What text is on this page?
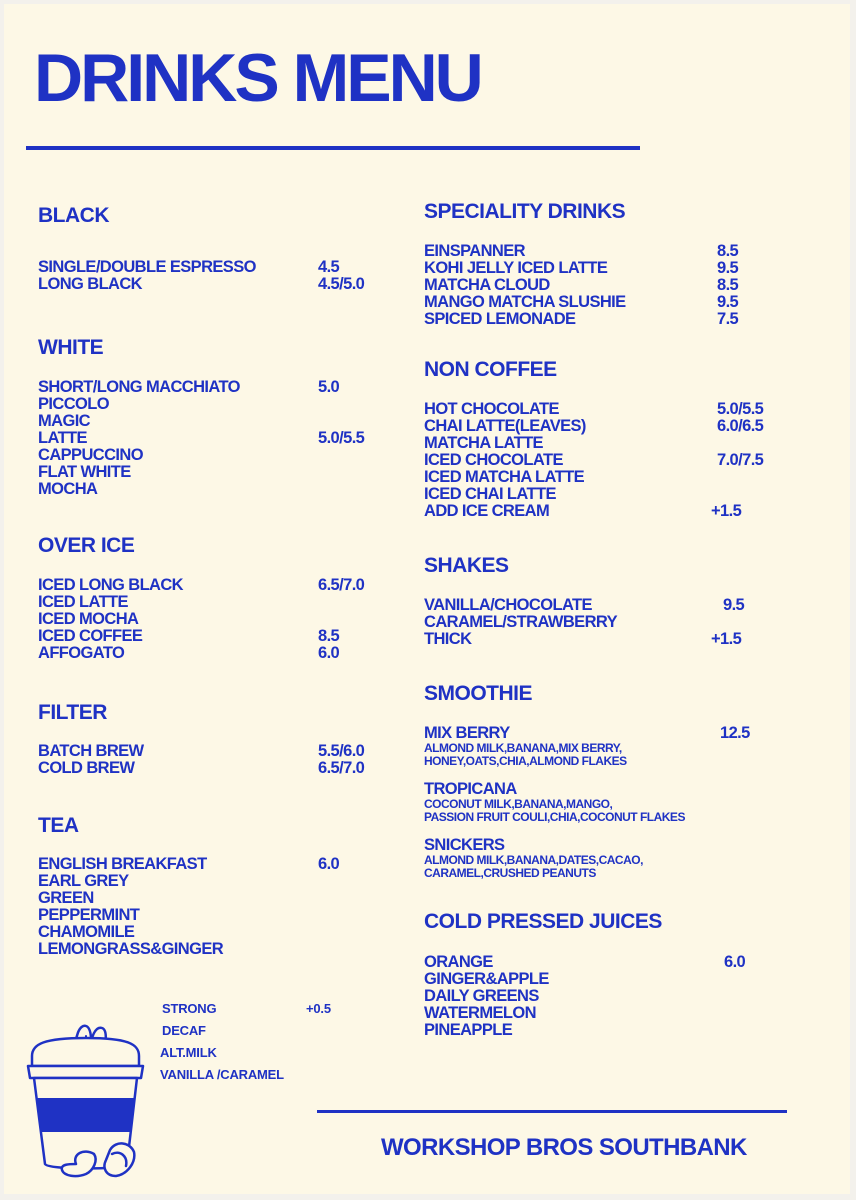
DRINKS MENU
BLACK
SINGLE/DOUBLE ESPRESSO	4.5
LONG BLACK	4.5/5.0
WHITE
SHORT/LONG MACCHIATO	5.0
PICCOLO
MAGIC
LATTE	5.0/5.5
CAPPUCCINO
FLAT WHITE
MOCHA
OVER ICE
ICED LONG BLACK	6.5/7.0
ICED LATTE
ICED MOCHA
ICED COFFEE	8.5
AFFOGATO	6.0
FILTER
BATCH BREW	5.5/6.0
COLD BREW	6.5/7.0
TEA
ENGLISH BREAKFAST	6.0
EARL GREY
GREEN
PEPPERMINT
CHAMOMILE
LEMONGRASS&GINGER
STRONG	+0.5
DECAF
ALT.MILK
VANILLA /CARAMEL
SPECIALITY DRINKS
EINSPANNER	8.5
KOHI JELLY ICED LATTE	9.5
MATCHA CLOUD	8.5
MANGO MATCHA SLUSHIE	9.5
SPICED LEMONADE	7.5
NON COFFEE
HOT CHOCOLATE	5.0/5.5
CHAI LATTE(LEAVES)	6.0/6.5
MATCHA LATTE
ICED CHOCOLATE	7.0/7.5
ICED MATCHA LATTE
ICED CHAI LATTE
ADD ICE CREAM	+1.5
SHAKES
VANILLA/CHOCOLATE	9.5
CARAMEL/STRAWBERRY
THICK	+1.5
SMOOTHIE
MIX BERRY	12.5
ALMOND MILK,BANANA,MIX BERRY,
HONEY,OATS,CHIA,ALMOND FLAKES
TROPICANA
COCONUT MILK,BANANA,MANGO,
PASSION FRUIT COULI,CHIA,COCONUT FLAKES
SNICKERS
ALMOND MILK,BANANA,DATES,CACAO,
CARAMEL,CRUSHED PEANUTS
COLD PRESSED JUICES
ORANGE	6.0
GINGER&APPLE
DAILY GREENS
WATERMELON
PINEAPPLE
WORKSHOP BROS SOUTHBANK
